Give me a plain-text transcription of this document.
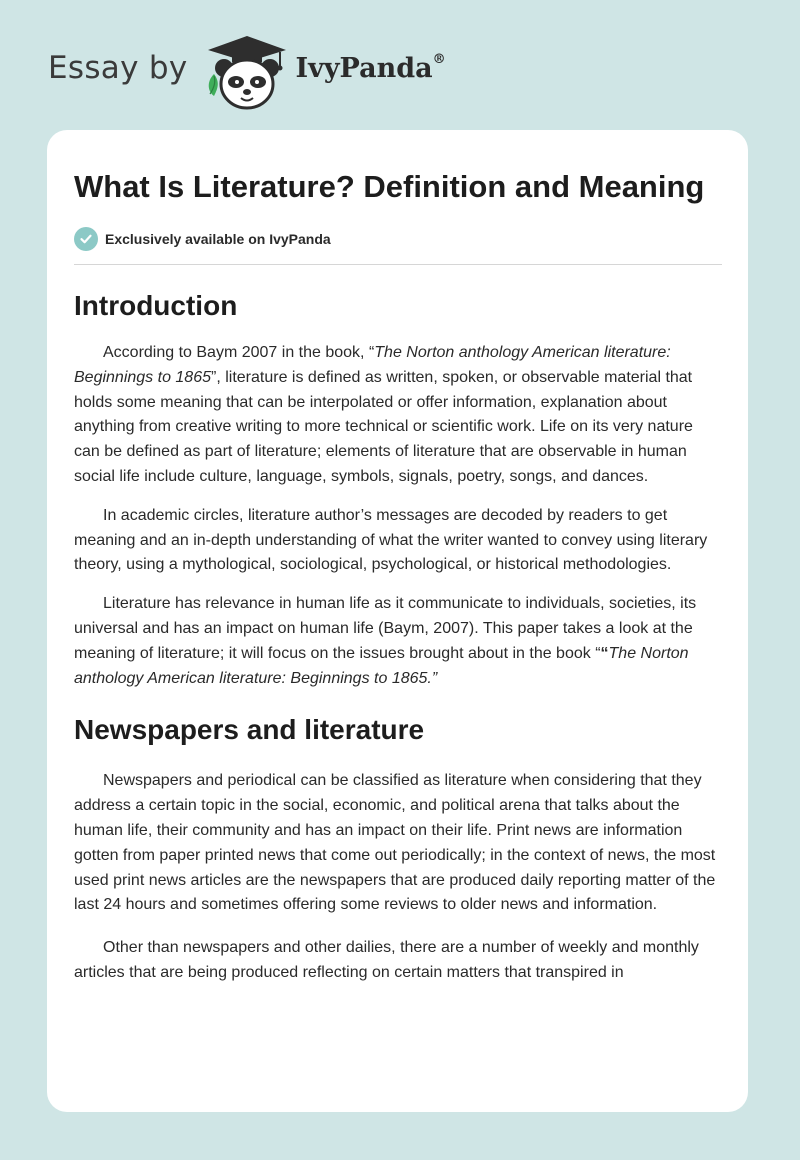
Essay by	IvyPanda®
What Is Literature? Definition and Meaning
Exclusively available on IvyPanda
Introduction

According to Baym 2007 in the book, “The Norton anthology American literature: Beginnings to 1865”, literature is defined as written, spoken, or observable material that holds some meaning that can be interpolated or offer information, explanation about anything from creative writing to more technical or scientific work. Life on its very nature can be defined as part of literature; elements of literature that are observable in human social life include culture, language, symbols, signals, poetry, songs, and dances.

In academic circles, literature author’s messages are decoded by readers to get meaning and an in-depth understanding of what the writer wanted to convey using literary theory, using a mythological, sociological, psychological, or historical methodologies.

Literature has relevance in human life as it communicate to individuals, societies, its universal and has an impact on human life (Baym, 2007). This paper takes a look at the meaning of literature; it will focus on the issues brought about in the book ““The Norton anthology American literature: Beginnings to 1865.”

Newspapers and literature

Newspapers and periodical can be classified as literature when considering that they address a certain topic in the social, economic, and political arena that talks about the human life, their community and has an impact on their life. Print news are information gotten from paper printed news that come out periodically; in the context of news, the most used print news articles are the newspapers that are produced daily reporting matter of the last 24 hours and sometimes offering some reviews to older news and information.

Other than newspapers and other dailies, there are a number of weekly and monthly articles that are being produced reflecting on certain matters that transpired in
